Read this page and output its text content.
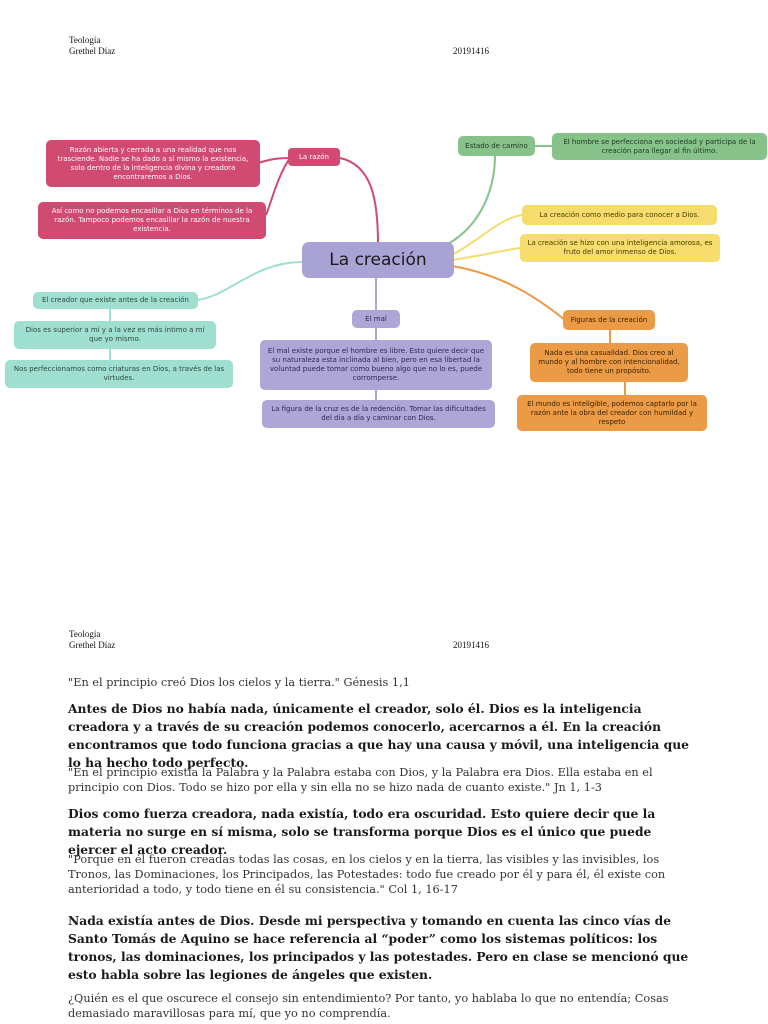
Teología
Grethel Díaz	20191416
La creación
La razón
Razón abierta y cerrada a una realidad que nos trasciende. Nadie se ha dado a sí mismo la existencia, solo dentro de la inteligencia divina y creadora encontraremos a Dios.
Así como no podemos encasillar a Dios en términos de la razón. Tampoco podemos encasillar la razón de nuestra existencia.
Estado de camino	El hombre se perfecciona en sociedad y participa de la creación para llegar al fin último.
La creación como medio para conocer a Dios.
La creación se hizo con una inteligencia amorosa, es fruto del amor inmenso de Dios.
El creador que existe antes de la creación
Dios es superior a mí y a la vez es más íntimo a mí que yo mismo.
Nos perfeccionamos como criaturas en Dios, a través de las virtudes.
El mal
El mal existe porque el hombre es libre. Esto quiere decir que su naturaleza esta inclinada al bien, pero en esa libertad la voluntad puede tomar como bueno algo que no lo es, puede corromperse.
La figura de la cruz es de la redención. Tomar las dificultades del día a día y caminar con Dios.
Figuras de la creación
Nada es una casualidad. Dios creo al mundo y al hombre con intencionalidad, todo tiene un propósito.
El mundo es inteligible, podemos captarlo por la razón ante la obra del creador con humildad y respeto
Teología
Grethel Díaz	20191416
"En el principio creó Dios los cielos y la tierra." Génesis 1,1
Antes de Dios no había nada, únicamente el creador, solo él. Dios es la inteligencia creadora y a través de su creación podemos conocerlo, acercarnos a él. En la creación encontramos que todo funciona gracias a que hay una causa y móvil, una inteligencia que lo ha hecho todo perfecto.
"En el principio existía la Palabra y la Palabra estaba con Dios, y la Palabra era Dios. Ella estaba en el principio con Dios. Todo se hizo por ella y sin ella no se hizo nada de cuanto existe." Jn 1, 1-3
Dios como fuerza creadora, nada existía, todo era oscuridad. Esto quiere decir que la materia no surge en sí misma, solo se transforma porque Dios es el único que puede ejercer el acto creador.
"Porque en él fueron creadas todas las cosas, en los cielos y en la tierra, las visibles y las invisibles, los Tronos, las Dominaciones, los Principados, las Potestades: todo fue creado por él y para él, él existe con anterioridad a todo, y todo tiene en él su consistencia." Col 1, 16-17
Nada existía antes de Dios. Desde mi perspectiva y tomando en cuenta las cinco vías de Santo Tomás de Aquino se hace referencia al “poder” como los sistemas políticos: los tronos, las dominaciones, los principados y las potestades. Pero en clase se mencionó que esto habla sobre las legiones de ángeles que existen.
¿Quién es el que oscurece el consejo sin entendimiento? Por tanto, yo hablaba lo que no entendía; Cosas demasiado maravillosas para mí, que yo no comprendía.
